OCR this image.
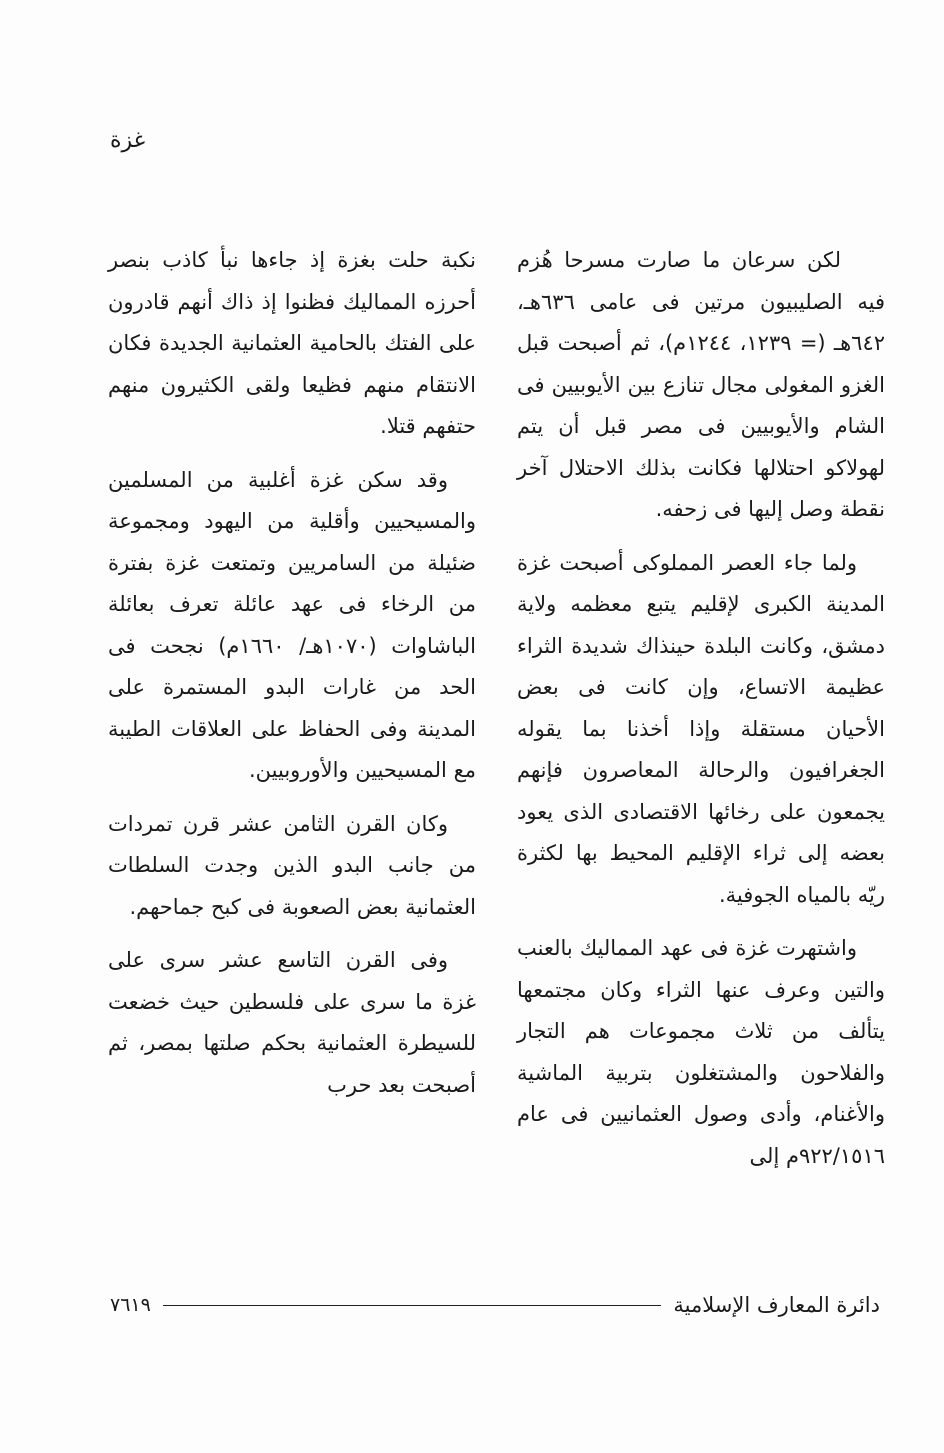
غزة

لكن سرعان ما صارت مسرحا هُزم فيه الصليبيون مرتين فى عامى ٦٣٦هـ، ٦٤٢هـ (= ١٢٣٩، ١٢٤٤م)، ثم أصبحت قبل الغزو المغولى مجال تنازع بين الأيوبيين فى الشام والأيوبيين فى مصر قبل أن يتم لهولاكو احتلالها فكانت بذلك الاحتلال آخر نقطة وصل إليها فى زحفه.

ولما جاء العصر المملوكى أصبحت غزة المدينة الكبرى لإقليم يتبع معظمه ولاية دمشق، وكانت البلدة حينذاك شديدة الثراء عظيمة الاتساع، وإن كانت فى بعض الأحيان مستقلة وإذا أخذنا بما يقوله الجغرافيون والرحالة المعاصرون فإنهم يجمعون على رخائها الاقتصادى الذى يعود بعضه إلى ثراء الإقليم المحيط بها لكثرة ريّه بالمياه الجوفية.

واشتهرت غزة فى عهد المماليك بالعنب والتين وعرف عنها الثراء وكان مجتمعها يتألف من ثلاث مجموعات هم التجار والفلاحون والمشتغلون بتربية الماشية والأغنام، وأدى وصول العثمانيين فى عام ٩٢٢/١٥١٦م إلى

نكبة حلت بغزة إذ جاءها نبأ كاذب بنصر أحرزه المماليك فظنوا إذ ذاك أنهم قادرون على الفتك بالحامية العثمانية الجديدة فكان الانتقام منهم فظيعا ولقى الكثيرون منهم حتفهم قتلا.

وقد سكن غزة أغلبية من المسلمين والمسيحيين وأقلية من اليهود ومجموعة ضئيلة من السامريين وتمتعت غزة بفترة من الرخاء فى عهد عائلة تعرف بعائلة الباشاوات (١٠٧٠هـ/ ١٦٦٠م) نجحت فى الحد من غارات البدو المستمرة على المدينة وفى الحفاظ على العلاقات الطيبة مع المسيحيين والأوروبيين.

وكان القرن الثامن عشر قرن تمردات من جانب البدو الذين وجدت السلطات العثمانية بعض الصعوبة فى كبح جماحهم.

وفى القرن التاسع عشر سرى على غزة ما سرى على فلسطين حيث خضعت للسيطرة العثمانية بحكم صلتها بمصر، ثم أصبحت بعد حرب

دائرة المعارف الإسلامية
٧٦١٩
